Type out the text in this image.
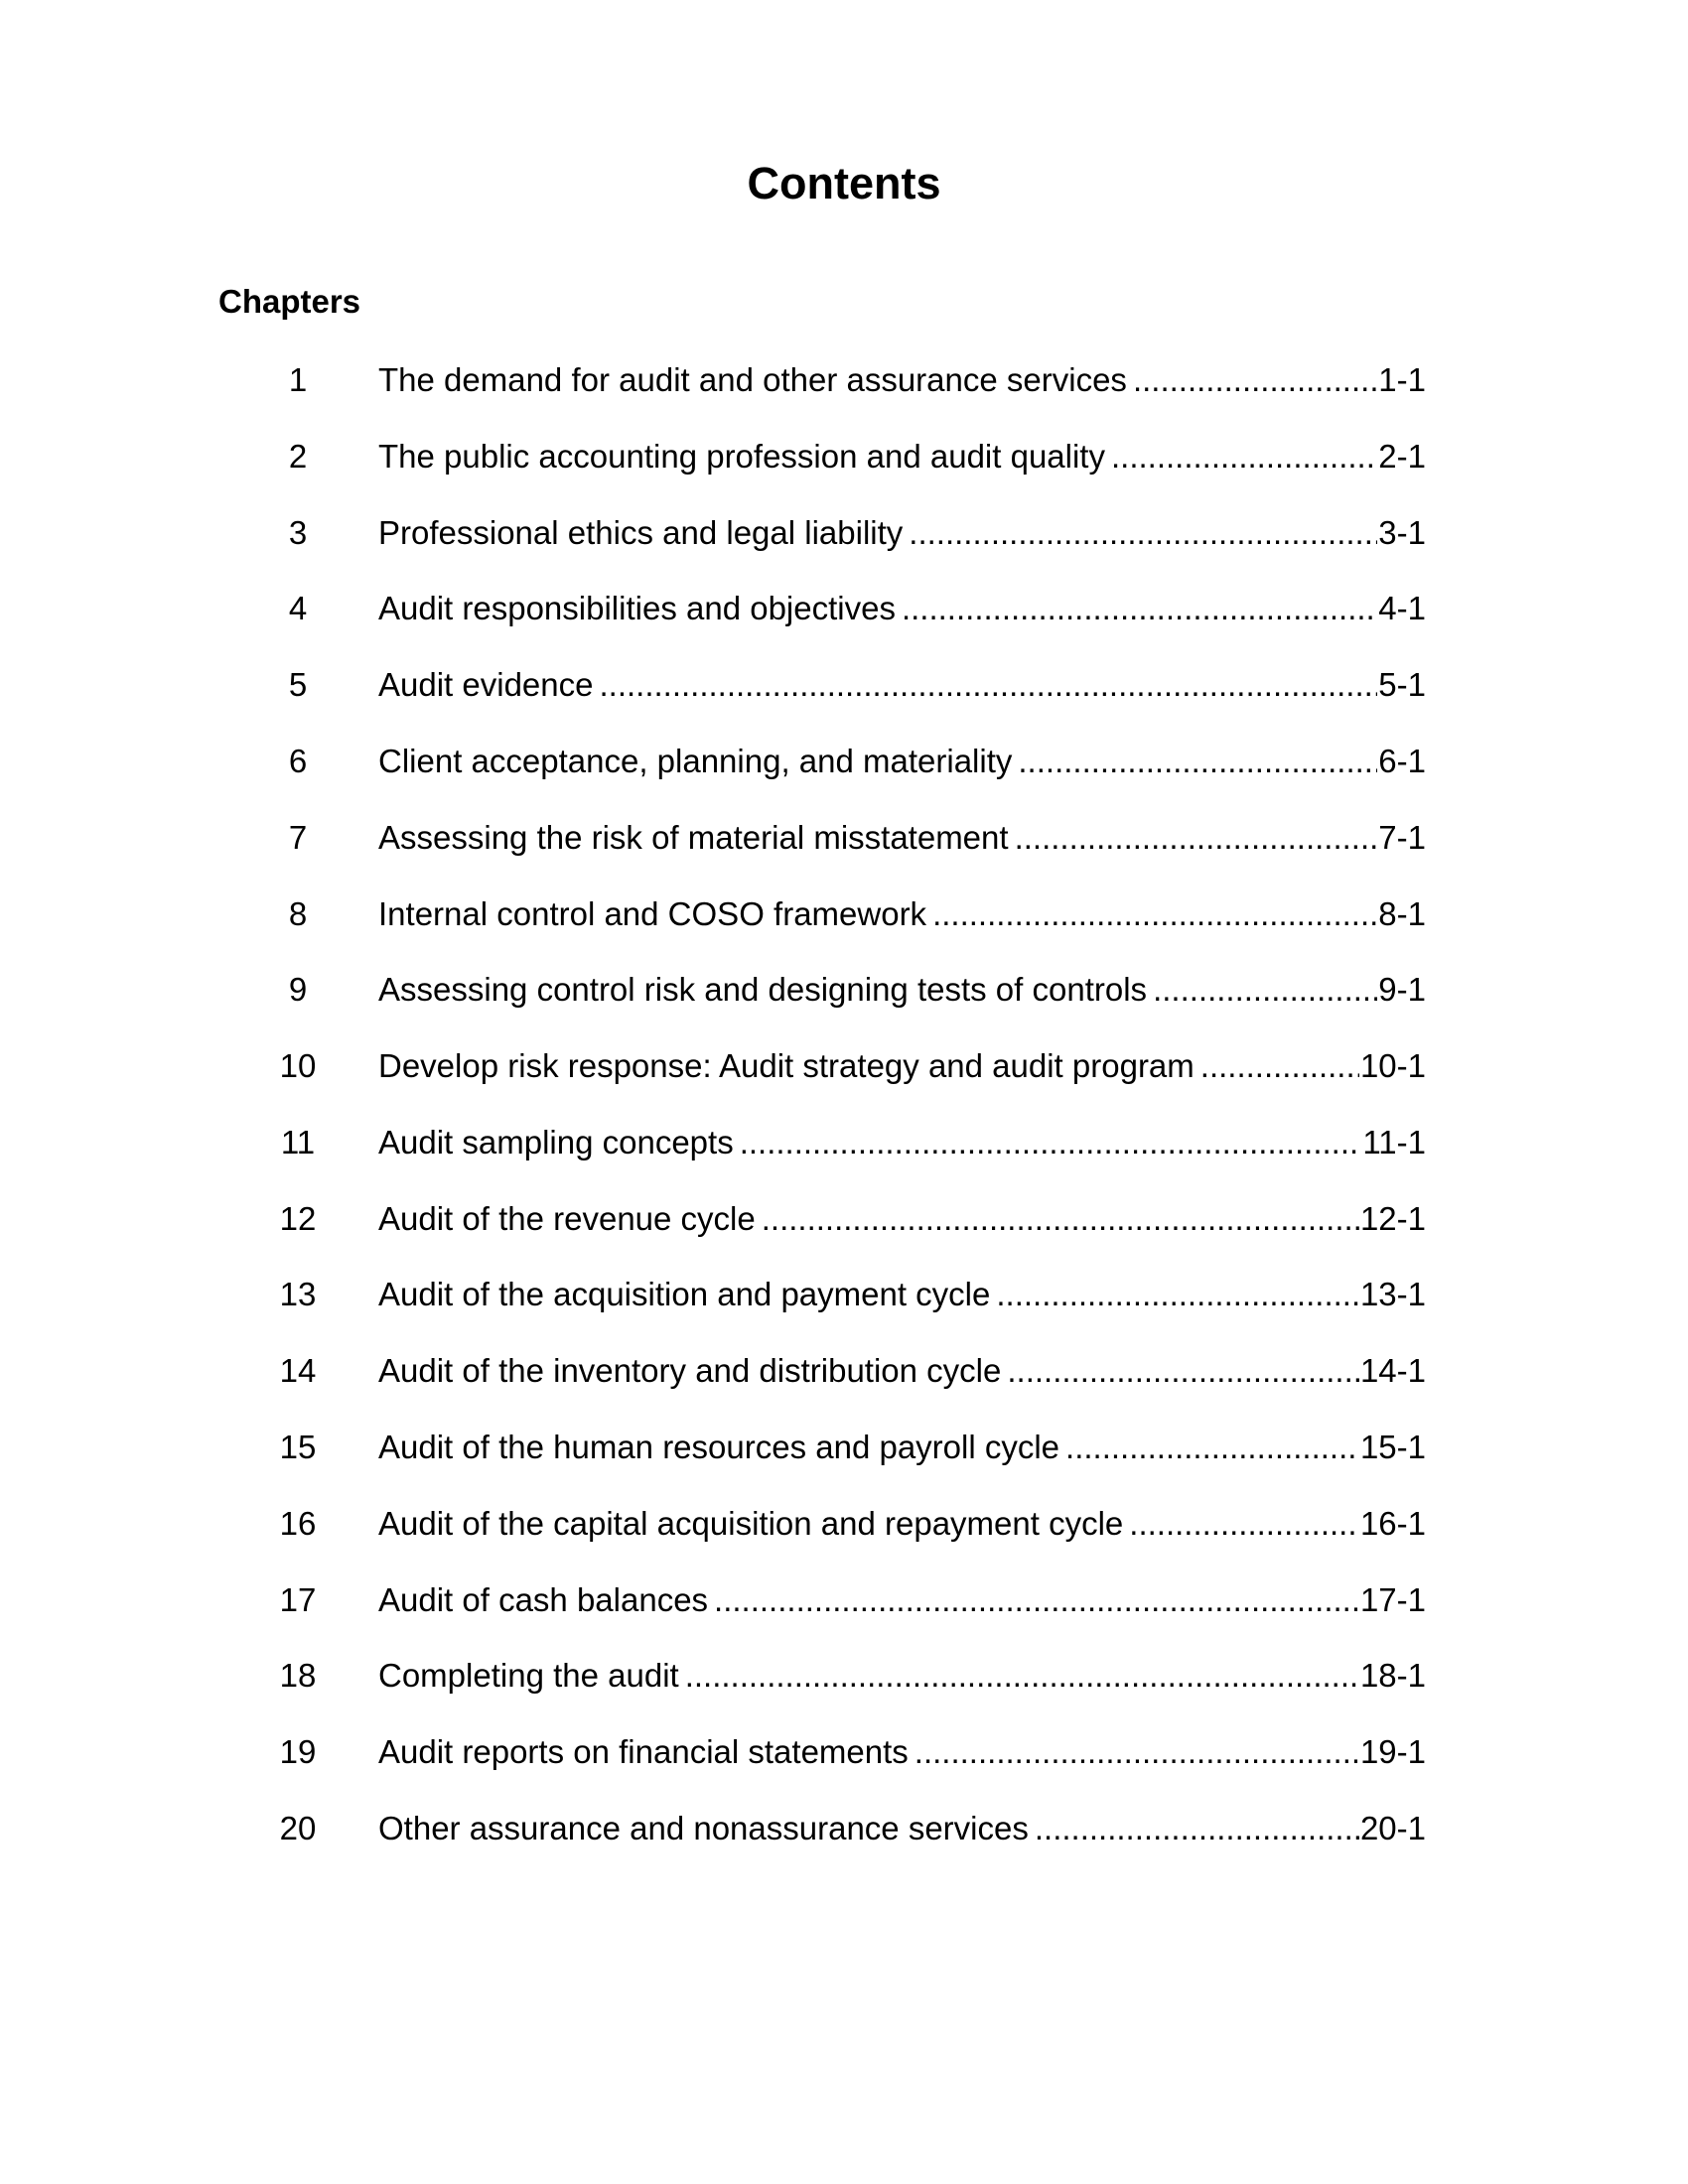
Contents
Chapters
1	The demand for audit and other assurance services .....	1-1
2	The public accounting profession and audit quality .....	2-1
3	Professional ethics and legal liability .....	3-1
4	Audit responsibilities and objectives .....	4-1
5	Audit evidence .....	5-1
6	Client acceptance, planning, and materiality .....	6-1
7	Assessing the risk of material misstatement .....	7-1
8	Internal control and COSO framework .....	8-1
9	Assessing control risk and designing tests of controls .....	9-1
10	Develop risk response: Audit strategy and audit program .....	10-1
11	Audit sampling concepts .....	11-1
12	Audit of the revenue cycle .....	12-1
13	Audit of the acquisition and payment cycle .....	13-1
14	Audit of the inventory and distribution cycle .....	14-1
15	Audit of the human resources and payroll cycle .....	15-1
16	Audit of the capital acquisition and repayment cycle .....	16-1
17	Audit of cash balances .....	17-1
18	Completing the audit .....	18-1
19	Audit reports on financial statements .....	19-1
20	Other assurance and nonassurance services .....	20-1
